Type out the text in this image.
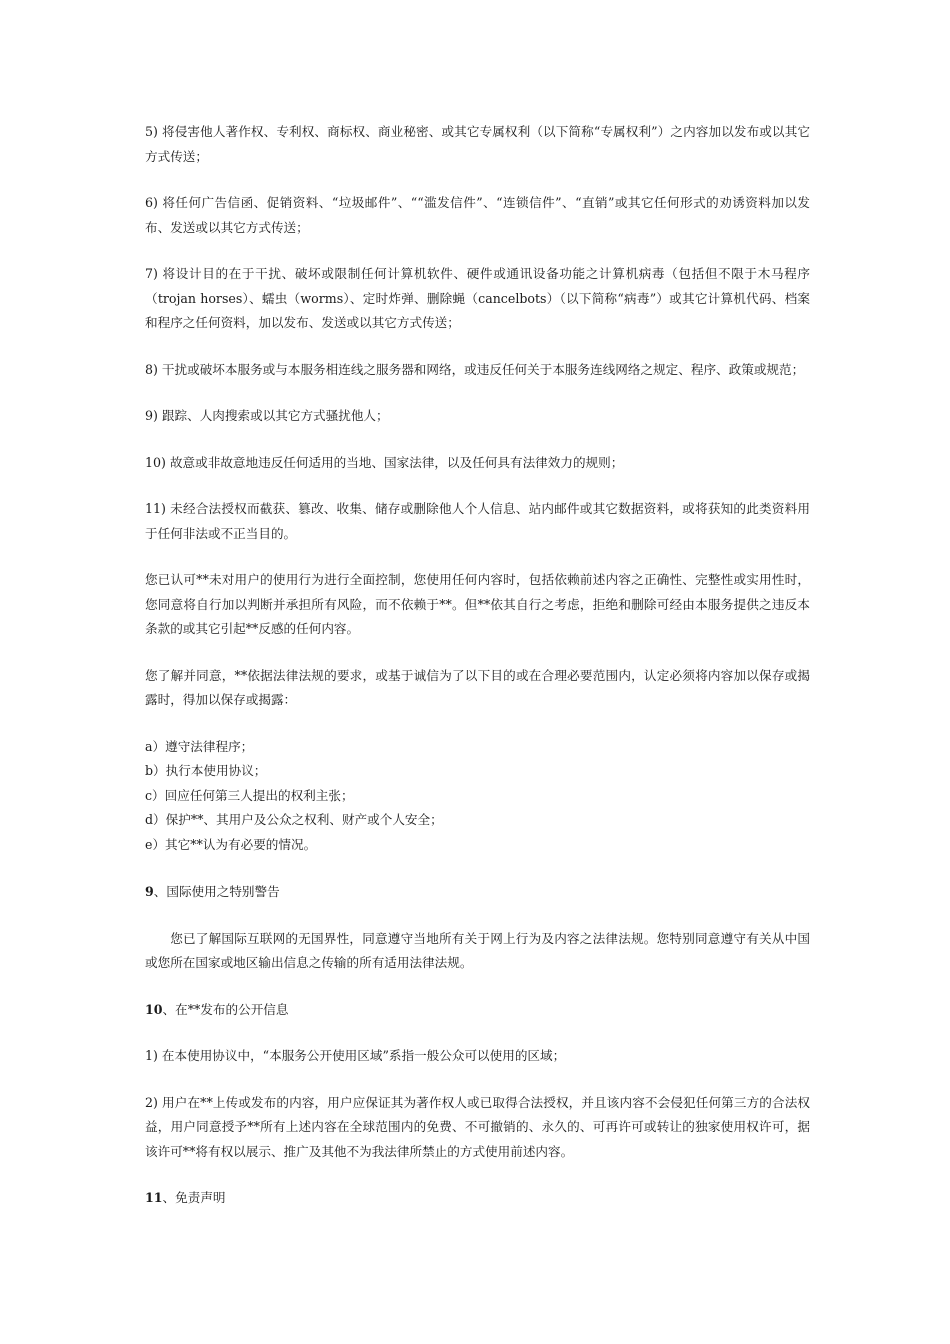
5) 将侵害他人著作权、专利权、商标权、商业秘密、或其它专属权利（以下简称“专属权利”）之内容加以发布或以其它方式传送；

6) 将任何广告信函、促销资料、“垃圾邮件”、““滥发信件”、“连锁信件”、“直销”或其它任何形式的劝诱资料加以发布、发送或以其它方式传送；

7) 将设计目的在于干扰、破坏或限制任何计算机软件、硬件或通讯设备功能之计算机病毒（包括但不限于木马程序（trojan horses）、蠕虫（worms）、定时炸弹、删除蝇（cancelbots）（以下简称“病毒”）或其它计算机代码、档案和程序之任何资料，加以发布、发送或以其它方式传送；

8) 干扰或破坏本服务或与本服务相连线之服务器和网络，或违反任何关于本服务连线网络之规定、程序、政策或规范；

9) 跟踪、人肉搜索或以其它方式骚扰他人；

10) 故意或非故意地违反任何适用的当地、国家法律，以及任何具有法律效力的规则；

11) 未经合法授权而截获、篡改、收集、储存或删除他人个人信息、站内邮件或其它数据资料，或将获知的此类资料用于任何非法或不正当目的。

您已认可**未对用户的使用行为进行全面控制，您使用任何内容时，包括依赖前述内容之正确性、完整性或实用性时，您同意将自行加以判断并承担所有风险，而不依赖于**。但**依其自行之考虑，拒绝和删除可经由本服务提供之违反本条款的或其它引起**反感的任何内容。

您了解并同意，**依据法律法规的要求，或基于诚信为了以下目的或在合理必要范围内，认定必须将内容加以保存或揭露时，得加以保存或揭露：

a）遵守法律程序；
b）执行本使用协议；
c）回应任何第三人提出的权利主张；
d）保护**、其用户及公众之权利、财产或个人安全；
e）其它**认为有必要的情况。

9、国际使用之特别警告

您已了解国际互联网的无国界性，同意遵守当地所有关于网上行为及内容之法律法规。您特别同意遵守有关从中国或您所在国家或地区输出信息之传输的所有适用法律法规。

10、在**发布的公开信息

1) 在本使用协议中，“本服务公开使用区域”系指一般公众可以使用的区域；

2) 用户在**上传或发布的内容，用户应保证其为著作权人或已取得合法授权，并且该内容不会侵犯任何第三方的合法权益，用户同意授予**所有上述内容在全球范围内的免费、不可撤销的、永久的、可再许可或转让的独家使用权许可，据该许可**将有权以展示、推广及其他不为我法律所禁止的方式使用前述内容。

11、免责声明
